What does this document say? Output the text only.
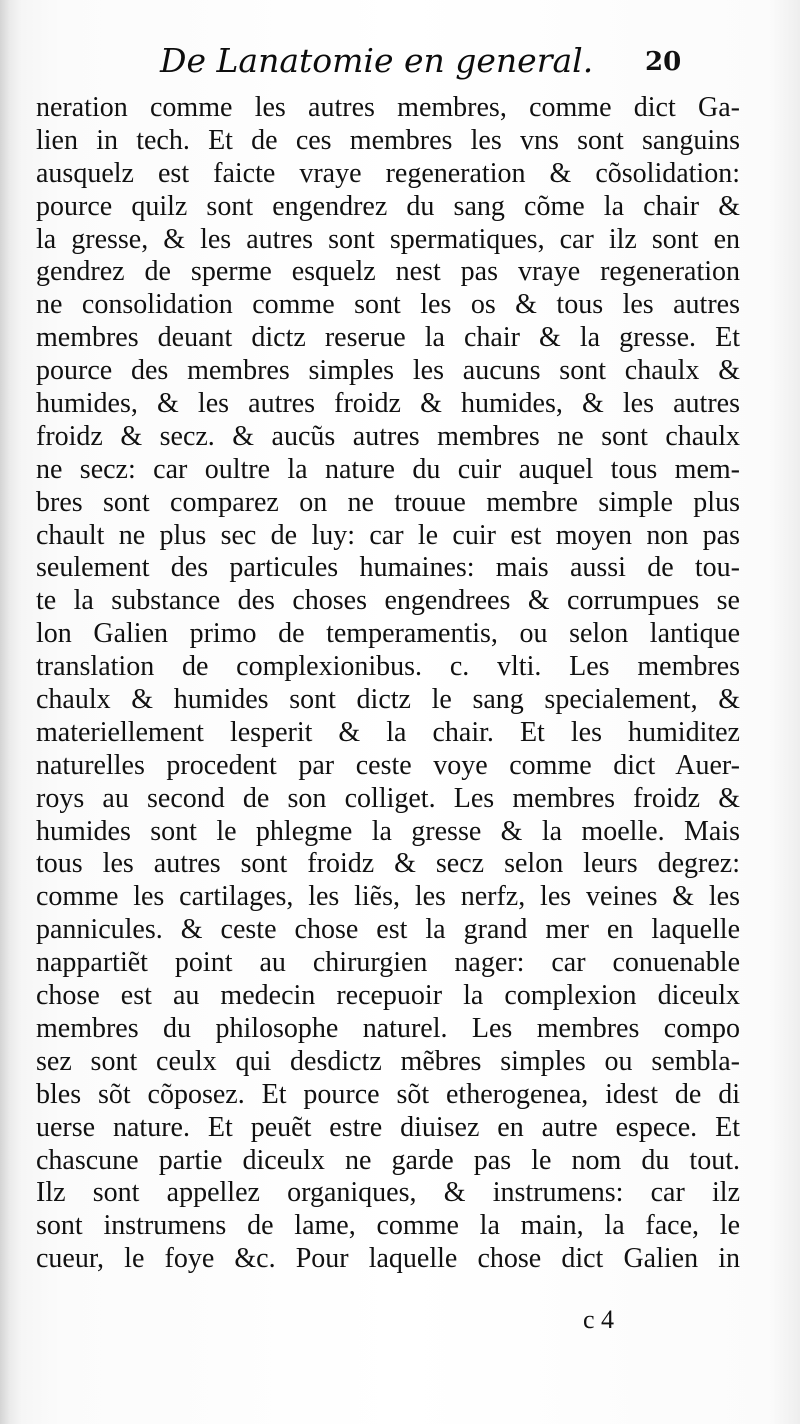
De Lanatomie en general. 20
neration comme les autres membres, comme dict Ga-
lien in tech. Et de ces membres les vns sont sanguins
ausquelz est faicte vraye regeneration & cõsolidation:
pource quilz sont engendrez du sang cõme la chair &
la gresse, & les autres sont spermatiques, car ilz sont en
gendrez de sperme esquelz nest pas vraye regeneration
ne consolidation comme sont les os & tous les autres
membres deuant dictz reserue la chair & la gresse. Et
pource des membres simples les aucuns sont chaulx &
humides, & les autres froidz & humides, & les autres
froidz & secz. & aucũs autres membres ne sont chaulx
ne secz: car oultre la nature du cuir auquel tous mem-
bres sont comparez on ne trouue membre simple plus
chault ne plus sec de luy: car le cuir est moyen non pas
seulement des particules humaines: mais aussi de tou-
te la substance des choses engendrees & corrumpues se
lon Galien primo de temperamentis, ou selon lantique
translation de complexionibus. c. vlti. Les membres
chaulx & humides sont dictz le sang specialement, &
materiellement lesperit & la chair. Et les humiditez
naturelles procedent par ceste voye comme dict Auer-
roys au second de son colliget. Les membres froidz &
humides sont le phlegme la gresse & la moelle. Mais
tous les autres sont froidz & secz selon leurs degrez:
comme les cartilages, les liẽs, les nerfz, les veines & les
pannicules. & ceste chose est la grand mer en laquelle
nappartiẽt point au chirurgien nager: car conuenable
chose est au medecin recepuoir la complexion diceulx
membres du philosophe naturel. Les membres compo
sez sont ceulx qui desdictz mẽbres simples ou sembla-
bles sõt cõposez. Et pource sõt etherogenea, idest de di
uerse nature. Et peuẽt estre diuisez en autre espece. Et
chascune partie diceulx ne garde pas le nom du tout.
Ilz sont appellez organiques, & instrumens: car ilz
sont instrumens de lame, comme la main, la face, le
cueur, le foye &c. Pour laquelle chose dict Galien in
c 4
